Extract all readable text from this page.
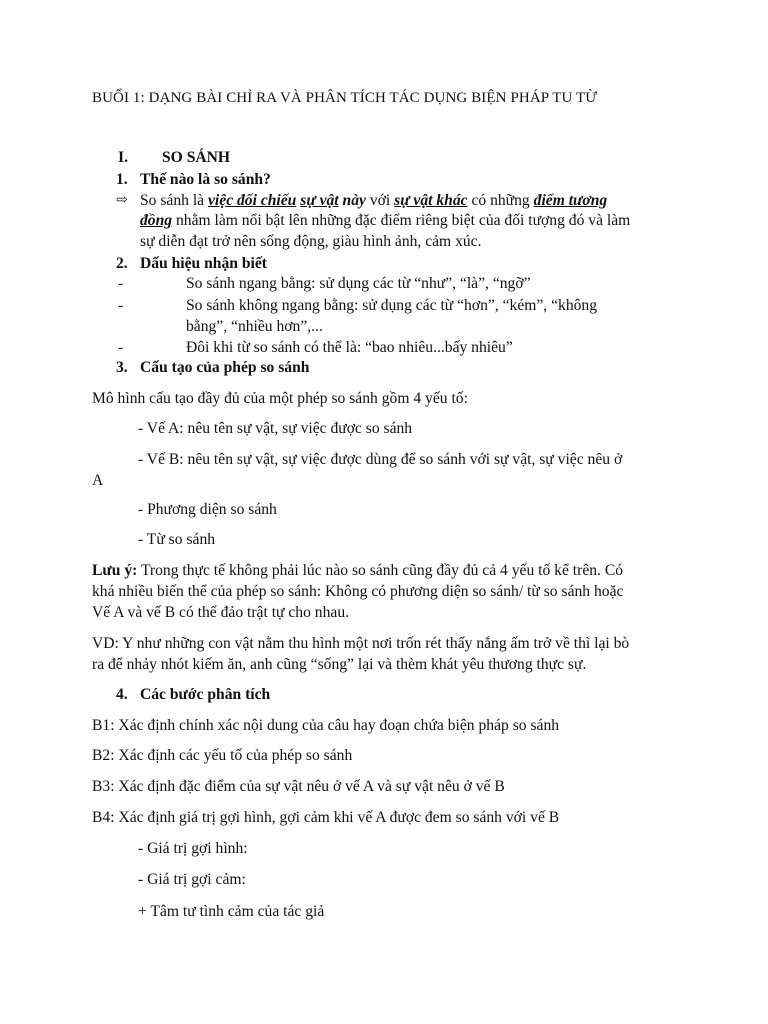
BUỔI 1: DẠNG BÀI CHỈ RA VÀ PHÂN TÍCH TÁC DỤNG BIỆN PHÁP TU TỪ
I. SO SÁNH
1. Thế nào là so sánh?
⇨ So sánh là việc đối chiếu sự vật này với sự vật khác có những điểm tương
đồng nhằm làm nổi bật lên những đặc điểm riêng biệt của đối tượng đó và làm
sự diễn đạt trở nên sống động, giàu hình ảnh, cảm xúc.
2. Dấu hiệu nhận biết
-	So sánh ngang bằng: sử dụng các từ “như”, “là”, “ngỡ”
-	So sánh không ngang bằng: sử dụng các từ “hơn”, “kém”, “không
bằng”, “nhiều hơn”,...
-	Đôi khi từ so sánh có thể là: “bao nhiêu...bấy nhiêu”
3. Cấu tạo của phép so sánh
Mô hình cấu tạo đầy đủ của một phép so sánh gồm 4 yếu tố:
- Vế A: nêu tên sự vật, sự việc được so sánh
- Vế B: nêu tên sự vật, sự việc được dùng để so sánh với sự vật, sự việc nêu ở
A
- Phương diện so sánh
- Từ so sánh
Lưu ý: Trong thực tế không phải lúc nào so sánh cũng đầy đủ cả 4 yếu tố kể trên. Có
khá nhiều biến thể của phép so sánh: Không có phương diện so sánh/ từ so sánh hoặc
Vế A và vế B có thể đảo trật tự cho nhau.
VD: Y như những con vật nằm thu hình một nơi trốn rét thấy nắng ấm trở về thì lại bò
ra để nhảy nhót kiếm ăn, anh cũng “sống” lại và thèm khát yêu thương thực sự.
4. Các bước phân tích
B1: Xác định chính xác nội dung của câu hay đoạn chứa biện pháp so sánh
B2: Xác định các yếu tố của phép so sánh
B3: Xác định đặc điểm của sự vật nêu ở vế A và sự vật nêu ở vế B
B4: Xác định giá trị gợi hình, gợi cảm khi vế A được đem so sánh với vế B
- Giá trị gợi hình:
- Giá trị gợi cảm:
+ Tâm tư tình cảm của tác giả
